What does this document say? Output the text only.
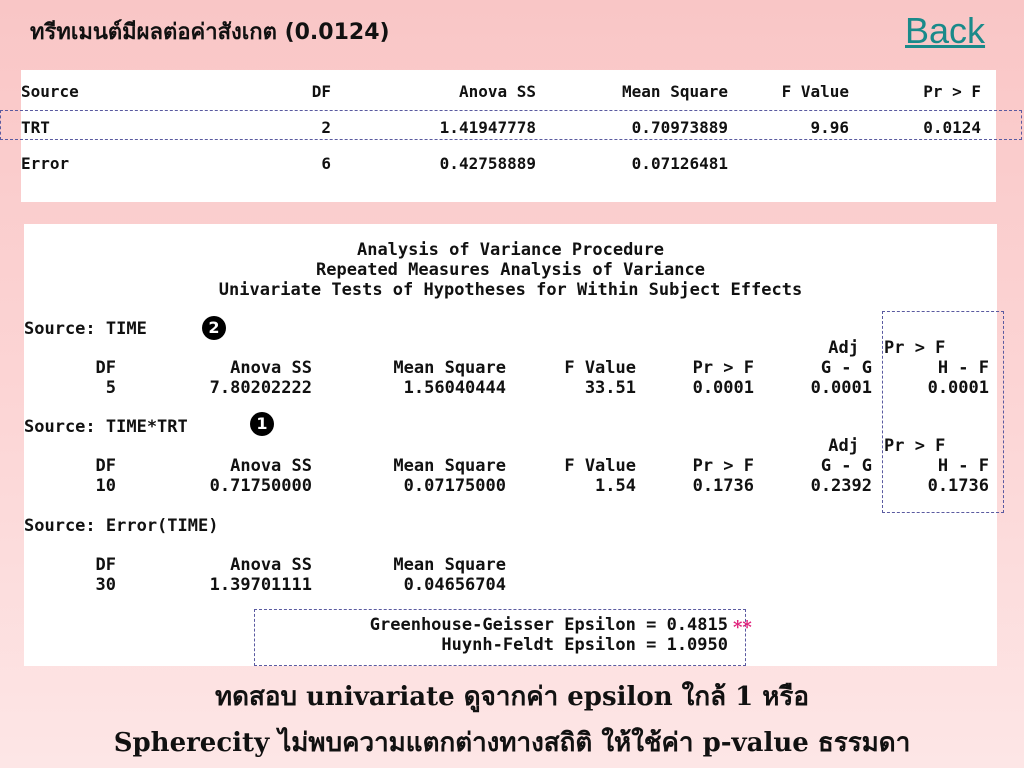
ทรีทเมนต์มีผลต่อค่าสังเกต (0.0124)	Back
Source	DF	Anova SS	Mean Square	F Value	Pr > F
TRT	2	1.41947778	0.70973889	9.96	0.0124
Error	6	0.42758889	0.07126481
Analysis of Variance Procedure
Repeated Measures Analysis of Variance
Univariate Tests of Hypotheses for Within Subject Effects
Source: TIME	2
Adj Pr > F
DF	Anova SS	Mean Square	F Value	Pr > F	G - G	H - F
5	7.80202222	1.56040444	33.51	0.0001	0.0001	0.0001
Source: TIME*TRT	1
Adj Pr > F
DF	Anova SS	Mean Square	F Value	Pr > F	G - G	H - F
10	0.71750000	0.07175000	1.54	0.1736	0.2392	0.1736
Source: Error(TIME)
DF	Anova SS	Mean Square
30	1.39701111	0.04656704
Greenhouse-Geisser Epsilon = 0.4815
Huynh-Feldt Epsilon = 1.0950
**
ทดสอบ univariate ดูจากค่า epsilon ใกล้ 1 หรือ
Spherecity ไม่พบความแตกต่างทางสถิติ ให้ใช้ค่า p-value ธรรมดา
